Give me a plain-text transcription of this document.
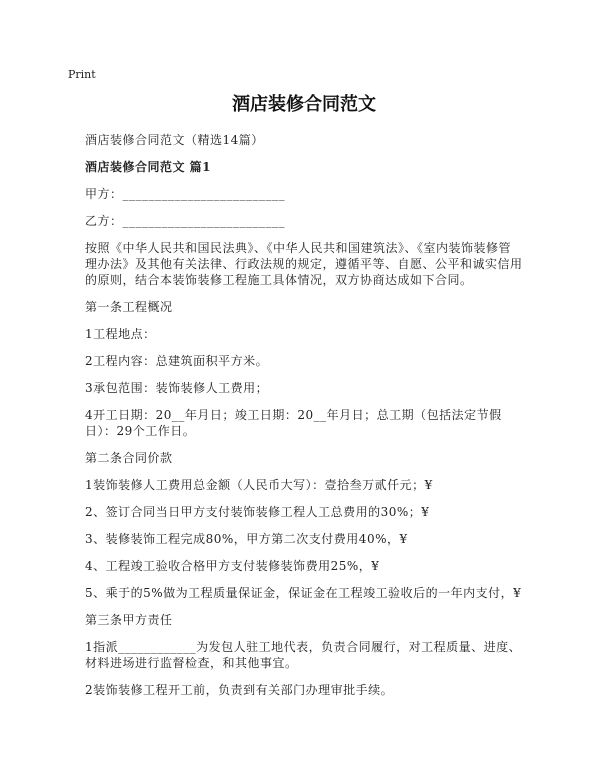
Print
酒店装修合同范文

酒店装修合同范文（精选14篇）

酒店装修合同范文 篇1

甲方：_________________________

乙方：_________________________

按照《中华人民共和国民法典》、《中华人民共和国建筑法》、《室内装饰装修管理办法》及其他有关法律、行政法规的规定，遵循平等、自愿、公平和诚实信用的原则，结合本装饰装修工程施工具体情况，双方协商达成如下合同。

第一条工程概况

1工程地点：

2工程内容：总建筑面积平方米。

3承包范围：装饰装修人工费用；

4开工日期：20__年月日；竣工日期：20__年月日；总工期（包括法定节假日）：29个工作日。

第二条合同价款

1装饰装修人工费用总金额（人民币大写）：壹拾叁万贰仟元；¥

2、签订合同当日甲方支付装饰装修工程人工总费用的30%；¥

3、装修装饰工程完成80%，甲方第二次支付费用40%，¥

4、工程竣工验收合格甲方支付装修装饰费用25%，¥

5、乘于的5%做为工程质量保证金，保证金在工程竣工验收后的一年内支付，¥

第三条甲方责任

1指派____________为发包人驻工地代表，负责合同履行，对工程质量、进度、材料进场进行监督检查，和其他事宜。

2装饰装修工程开工前，负责到有关部门办理审批手续。
